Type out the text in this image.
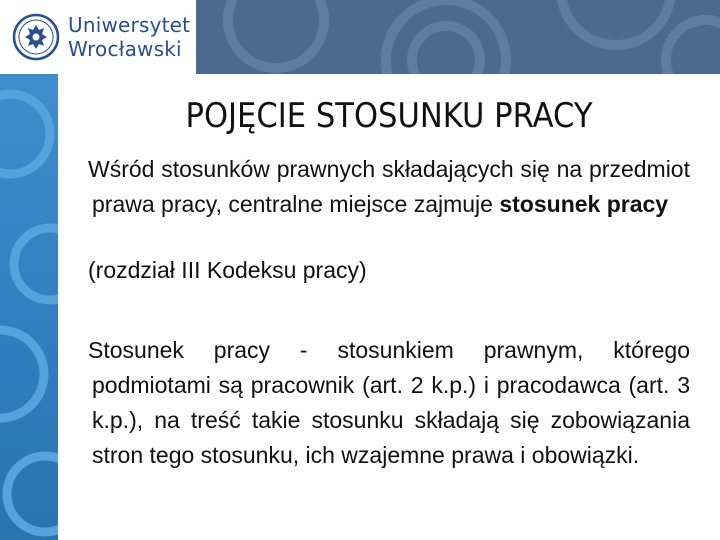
Uniwersytet
Wrocławski
POJĘCIE STOSUNKU PRACY

Wśród stosunków prawnych składających się na przedmiot prawa pracy, centralne miejsce zajmuje stosunek pracy

(rozdział III Kodeksu pracy)

Stosunek pracy - stosunkiem prawnym, którego podmiotami są pracownik (art. 2 k.p.) i pracodawca (art. 3 k.p.), na treść takie stosunku składają się zobowiązania stron tego stosunku, ich wzajemne prawa i obowiązki.
